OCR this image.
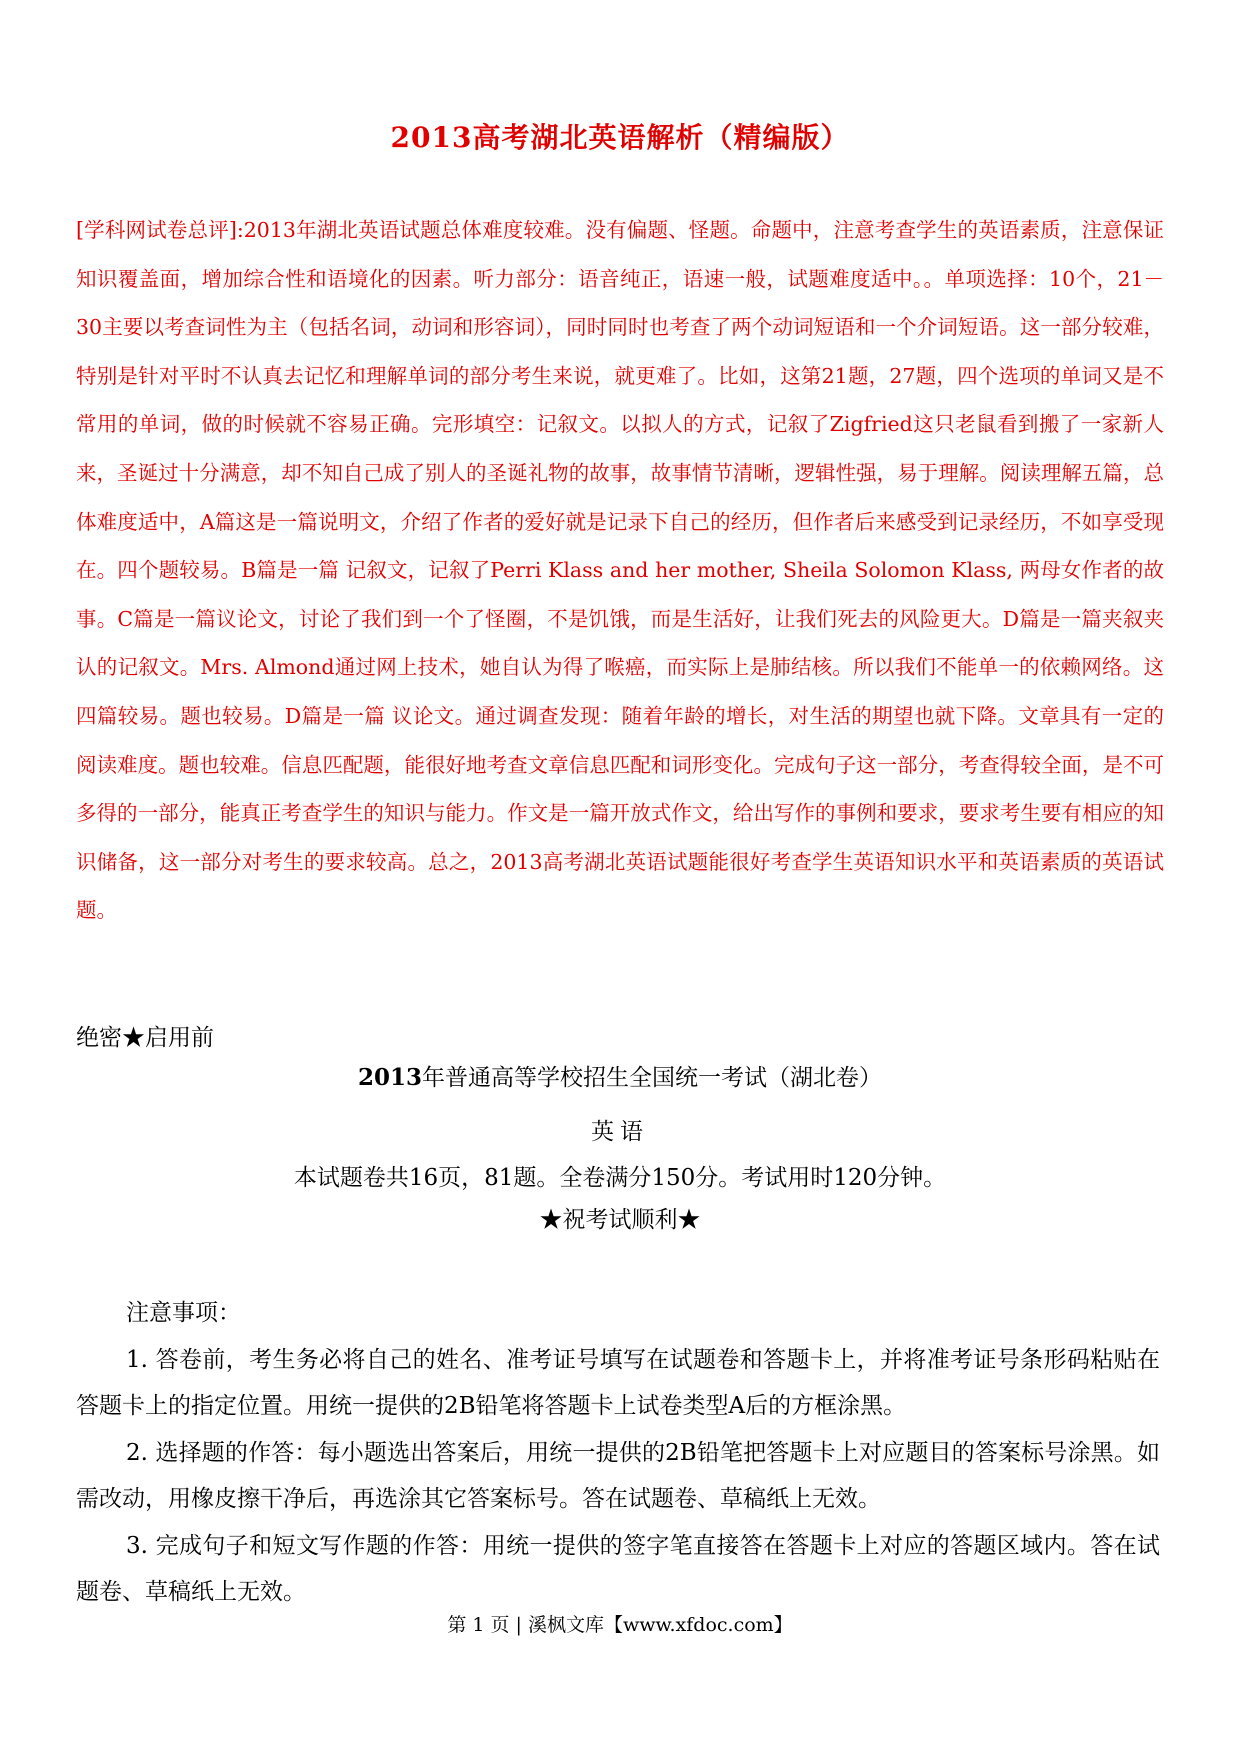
2013高考湖北英语解析（精编版）

[学科网试卷总评]:2013年湖北英语试题总体难度较难。没有偏题、怪题。命题中，注意考查学生的英语素质，注意保证知识覆盖面，增加综合性和语境化的因素。听力部分：语音纯正，语速一般，试题难度适中。。单项选择：10个，21－30主要以考查词性为主（包括名词，动词和形容词），同时同时也考查了两个动词短语和一个介词短语。这一部分较难，特别是针对平时不认真去记忆和理解单词的部分考生来说，就更难了。比如，这第21题，27题，四个选项的单词又是不常用的单词，做的时候就不容易正确。完形填空：记叙文。以拟人的方式，记叙了Zigfried这只老鼠看到搬了一家新人来，圣诞过十分满意，却不知自己成了别人的圣诞礼物的故事，故事情节清晰，逻辑性强，易于理解。阅读理解五篇，总体难度适中，A篇这是一篇说明文，介绍了作者的爱好就是记录下自己的经历，但作者后来感受到记录经历，不如享受现在。四个题较易。B篇是一篇 记叙文，记叙了Perri Klass and her mother, Sheila Solomon Klass, 两母女作者的故事。C篇是一篇议论文，讨论了我们到一个了怪圈，不是饥饿，而是生活好，让我们死去的风险更大。D篇是一篇夹叙夹认的记叙文。Mrs. Almond通过网上技术，她自认为得了喉癌，而实际上是肺结核。所以我们不能单一的依赖网络。这四篇较易。题也较易。D篇是一篇 议论文。通过调查发现：随着年龄的增长，对生活的期望也就下降。文章具有一定的阅读难度。题也较难。信息匹配题，能很好地考查文章信息匹配和词形变化。完成句子这一部分，考查得较全面，是不可多得的一部分，能真正考查学生的知识与能力。作文是一篇开放式作文，给出写作的事例和要求，要求考生要有相应的知识储备，这一部分对考生的要求较高。总之，2013高考湖北英语试题能很好考查学生英语知识水平和英语素质的英语试题。

绝密★启用前
2013年普通高等学校招生全国统一考试（湖北卷）
英语
本试题卷共16页，81题。全卷满分150分。考试用时120分钟。
★祝考试顺利★

注意事项：

1. 答卷前，考生务必将自己的姓名、准考证号填写在试题卷和答题卡上，并将准考证号条形码粘贴在答题卡上的指定位置。用统一提供的2B铅笔将答题卡上试卷类型A后的方框涂黑。

2. 选择题的作答：每小题选出答案后，用统一提供的2B铅笔把答题卡上对应题目的答案标号涂黑。如需改动，用橡皮擦干净后，再选涂其它答案标号。答在试题卷、草稿纸上无效。

3. 完成句子和短文写作题的作答：用统一提供的签字笔直接答在答题卡上对应的答题区域内。答在试题卷、草稿纸上无效。

第 1 页 | 溪枫文库【www.xfdoc.com】
